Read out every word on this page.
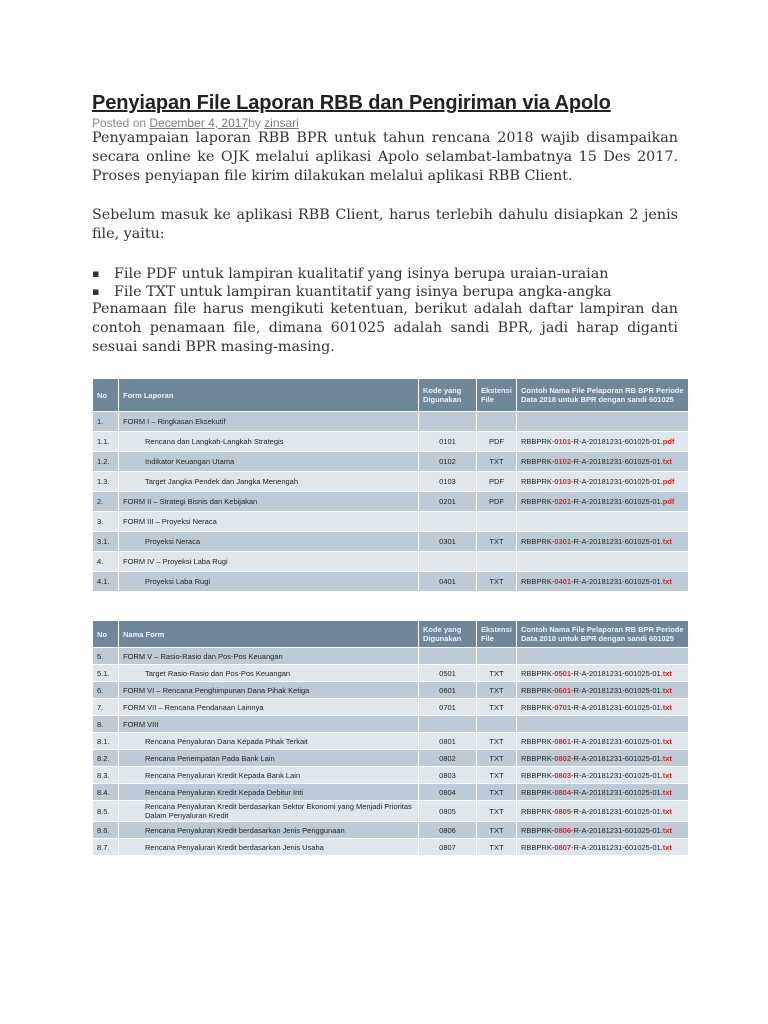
Penyiapan File Laporan RBB dan Pengiriman via Apolo
Posted on December 4, 2017by zinsari
Penyampaian laporan RBB BPR untuk tahun rencana 2018 wajib disampaikan secara online ke OJK melalui aplikasi Apolo selambat-lambatnya 15 Des 2017. Proses penyiapan file kirim dilakukan melalui aplikasi RBB Client.
Sebelum masuk ke aplikasi RBB Client, harus terlebih dahulu disiapkan 2 jenis file, yaitu:
▪ File PDF untuk lampiran kualitatif yang isinya berupa uraian-uraian
▪ File TXT untuk lampiran kuantitatif yang isinya berupa angka-angka
Penamaan file harus mengikuti ketentuan, berikut adalah daftar lampiran dan contoh penamaan file, dimana 601025 adalah sandi BPR, jadi harap diganti sesuai sandi BPR masing-masing.
No	Form Laporan	Kode yang Digunakan	Ekstensi File	Contoh Nama File Pelaporan RB BPR Periode Data 2018 untuk BPR dengan sandi 601025
1.	FORM I – Ringkasan Eksekutif			
1.1.	Rencana dan Langkah-Langkah Strategis	0101	PDF	RBBPRK-0101-R-A-20181231-601025-01.pdf
1.2.	Indikator Keuangan Utama	0102	TXT	RBBPRK-0102-R-A-20181231-601025-01.txt
1.3.	Target Jangka Pendek dan Jangka Menengah	0103	PDF	RBBPRK-0103-R-A-20181231-601025-01.pdf
2.	FORM II – Strategi Bisnis dan Kebijakan	0201	PDF	RBBPRK-0201-R-A-20181231-601025-01.pdf
3.	FORM III – Proyeksi Neraca			
3.1.	Proyeksi Neraca	0301	TXT	RBBPRK-0301-R-A-20181231-601025-01.txt
4.	FORM IV – Proyeksi Laba Rugi			
4.1.	Proyeksi Laba Rugi	0401	TXT	RBBPRK-0401-R-A-20181231-601025-01.txt
.
No	Nama Form	Kode yang Digunakan	Ekstensi File	Contoh Nama File Pelaporan RB BPR Periode Data 2018 untuk BPR dengan sandi 601025
5.	FORM V – Rasio-Rasio dan Pos-Pos Keuangan			
5.1.	Target Rasio-Rasio dan Pos-Pos Keuangan	0501	TXT	RBBPRK-0501-R-A-20181231-601025-01.txt
6.	FORM VI – Rencana Penghimpunan Dana Pihak Ketiga	0601	TXT	RBBPRK-0601-R-A-20181231-601025-01.txt
7.	FORM VII – Rencana Pendanaan Lainnya	0701	TXT	RBBPRK-0701-R-A-20181231-601025-01.txt
8.	FORM VIII			
8.1.	Rencana Penyaluran Dana Kepada Pihak Terkait	0801	TXT	RBBPRK-0801-R-A-20181231-601025-01.txt
8.2.	Rencana Penempatan Pada Bank Lain	0802	TXT	RBBPRK-0802-R-A-20181231-601025-01.txt
8.3.	Rencana Penyaluran Kredit Kepada Bank Lain	0803	TXT	RBBPRK-0803-R-A-20181231-601025-01.txt
8.4.	Rencana Penyaluran Kredit Kepada Debitur Inti	0804	TXT	RBBPRK-0804-R-A-20181231-601025-01.txt
8.5.	Rencana Penyaluran Kredit berdasarkan Sektor Ekonomi yang Menjadi Prioritas Dalam Penyaluran Kredit	0805	TXT	RBBPRK-0805-R-A-20181231-601025-01.txt
8.6.	Rencana Penyaluran Kredit berdasarkan Jenis Penggunaan	0806	TXT	RBBPRK-0806-R-A-20181231-601025-01.txt
8.7.	Rencana Penyaluran Kredit berdasarkan Jenis Usaha	0807	TXT	RBBPRK-0807-R-A-20181231-601025-01.txt
